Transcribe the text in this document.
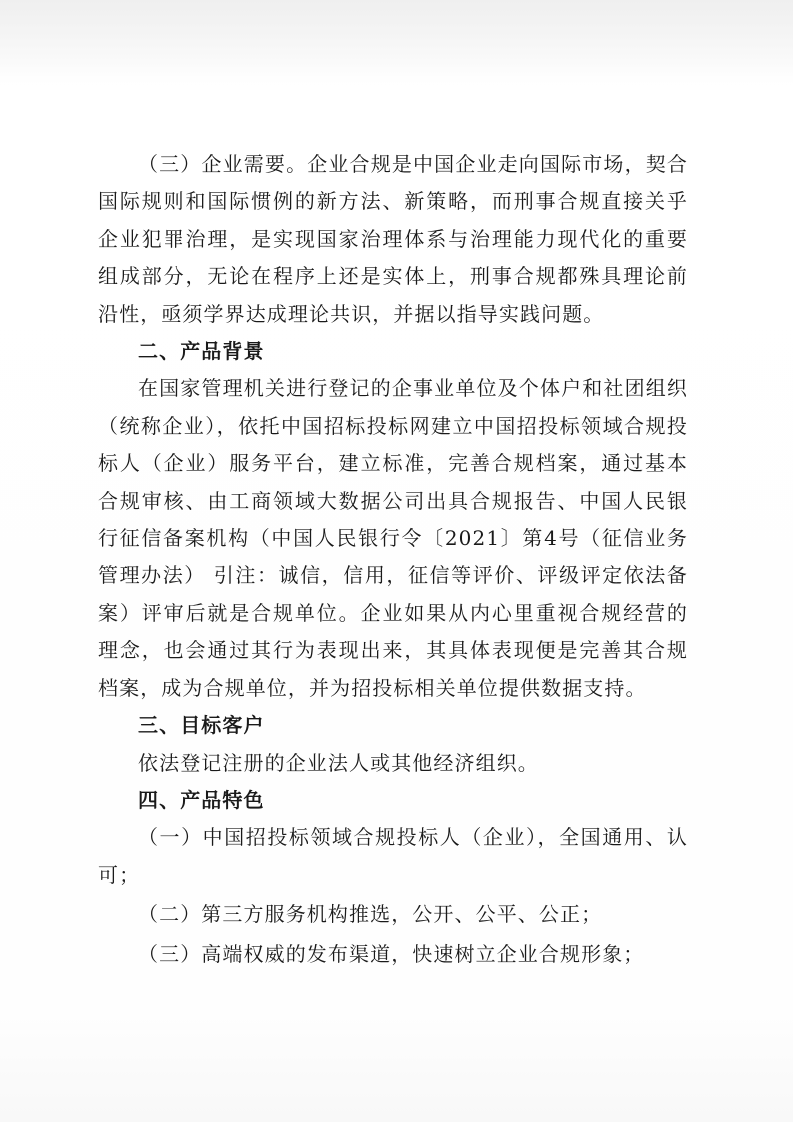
（三）企业需要。企业合规是中国企业走向国际市场，契合国际规则和国际惯例的新方法、新策略，而刑事合规直接关乎企业犯罪治理，是实现国家治理体系与治理能力现代化的重要组成部分，无论在程序上还是实体上，刑事合规都殊具理论前沿性，亟须学界达成理论共识，并据以指导实践问题。

二、产品背景

在国家管理机关进行登记的企事业单位及个体户和社团组织（统称企业），依托中国招标投标网建立中国招投标领域合规投标人（企业）服务平台，建立标准，完善合规档案，通过基本合规审核、由工商领域大数据公司出具合规报告、中国人民银行征信备案机构（中国人民银行令〔2021〕第4号（征信业务管理办法） 引注：诚信，信用，征信等评价、评级评定依法备案）评审后就是合规单位。企业如果从内心里重视合规经营的理念，也会通过其行为表现出来，其具体表现便是完善其合规档案，成为合规单位，并为招投标相关单位提供数据支持。

三、目标客户

依法登记注册的企业法人或其他经济组织。

四、产品特色

（一）中国招投标领域合规投标人（企业），全国通用、认可；

（二）第三方服务机构推选，公开、公平、公正；

（三）高端权威的发布渠道，快速树立企业合规形象；
